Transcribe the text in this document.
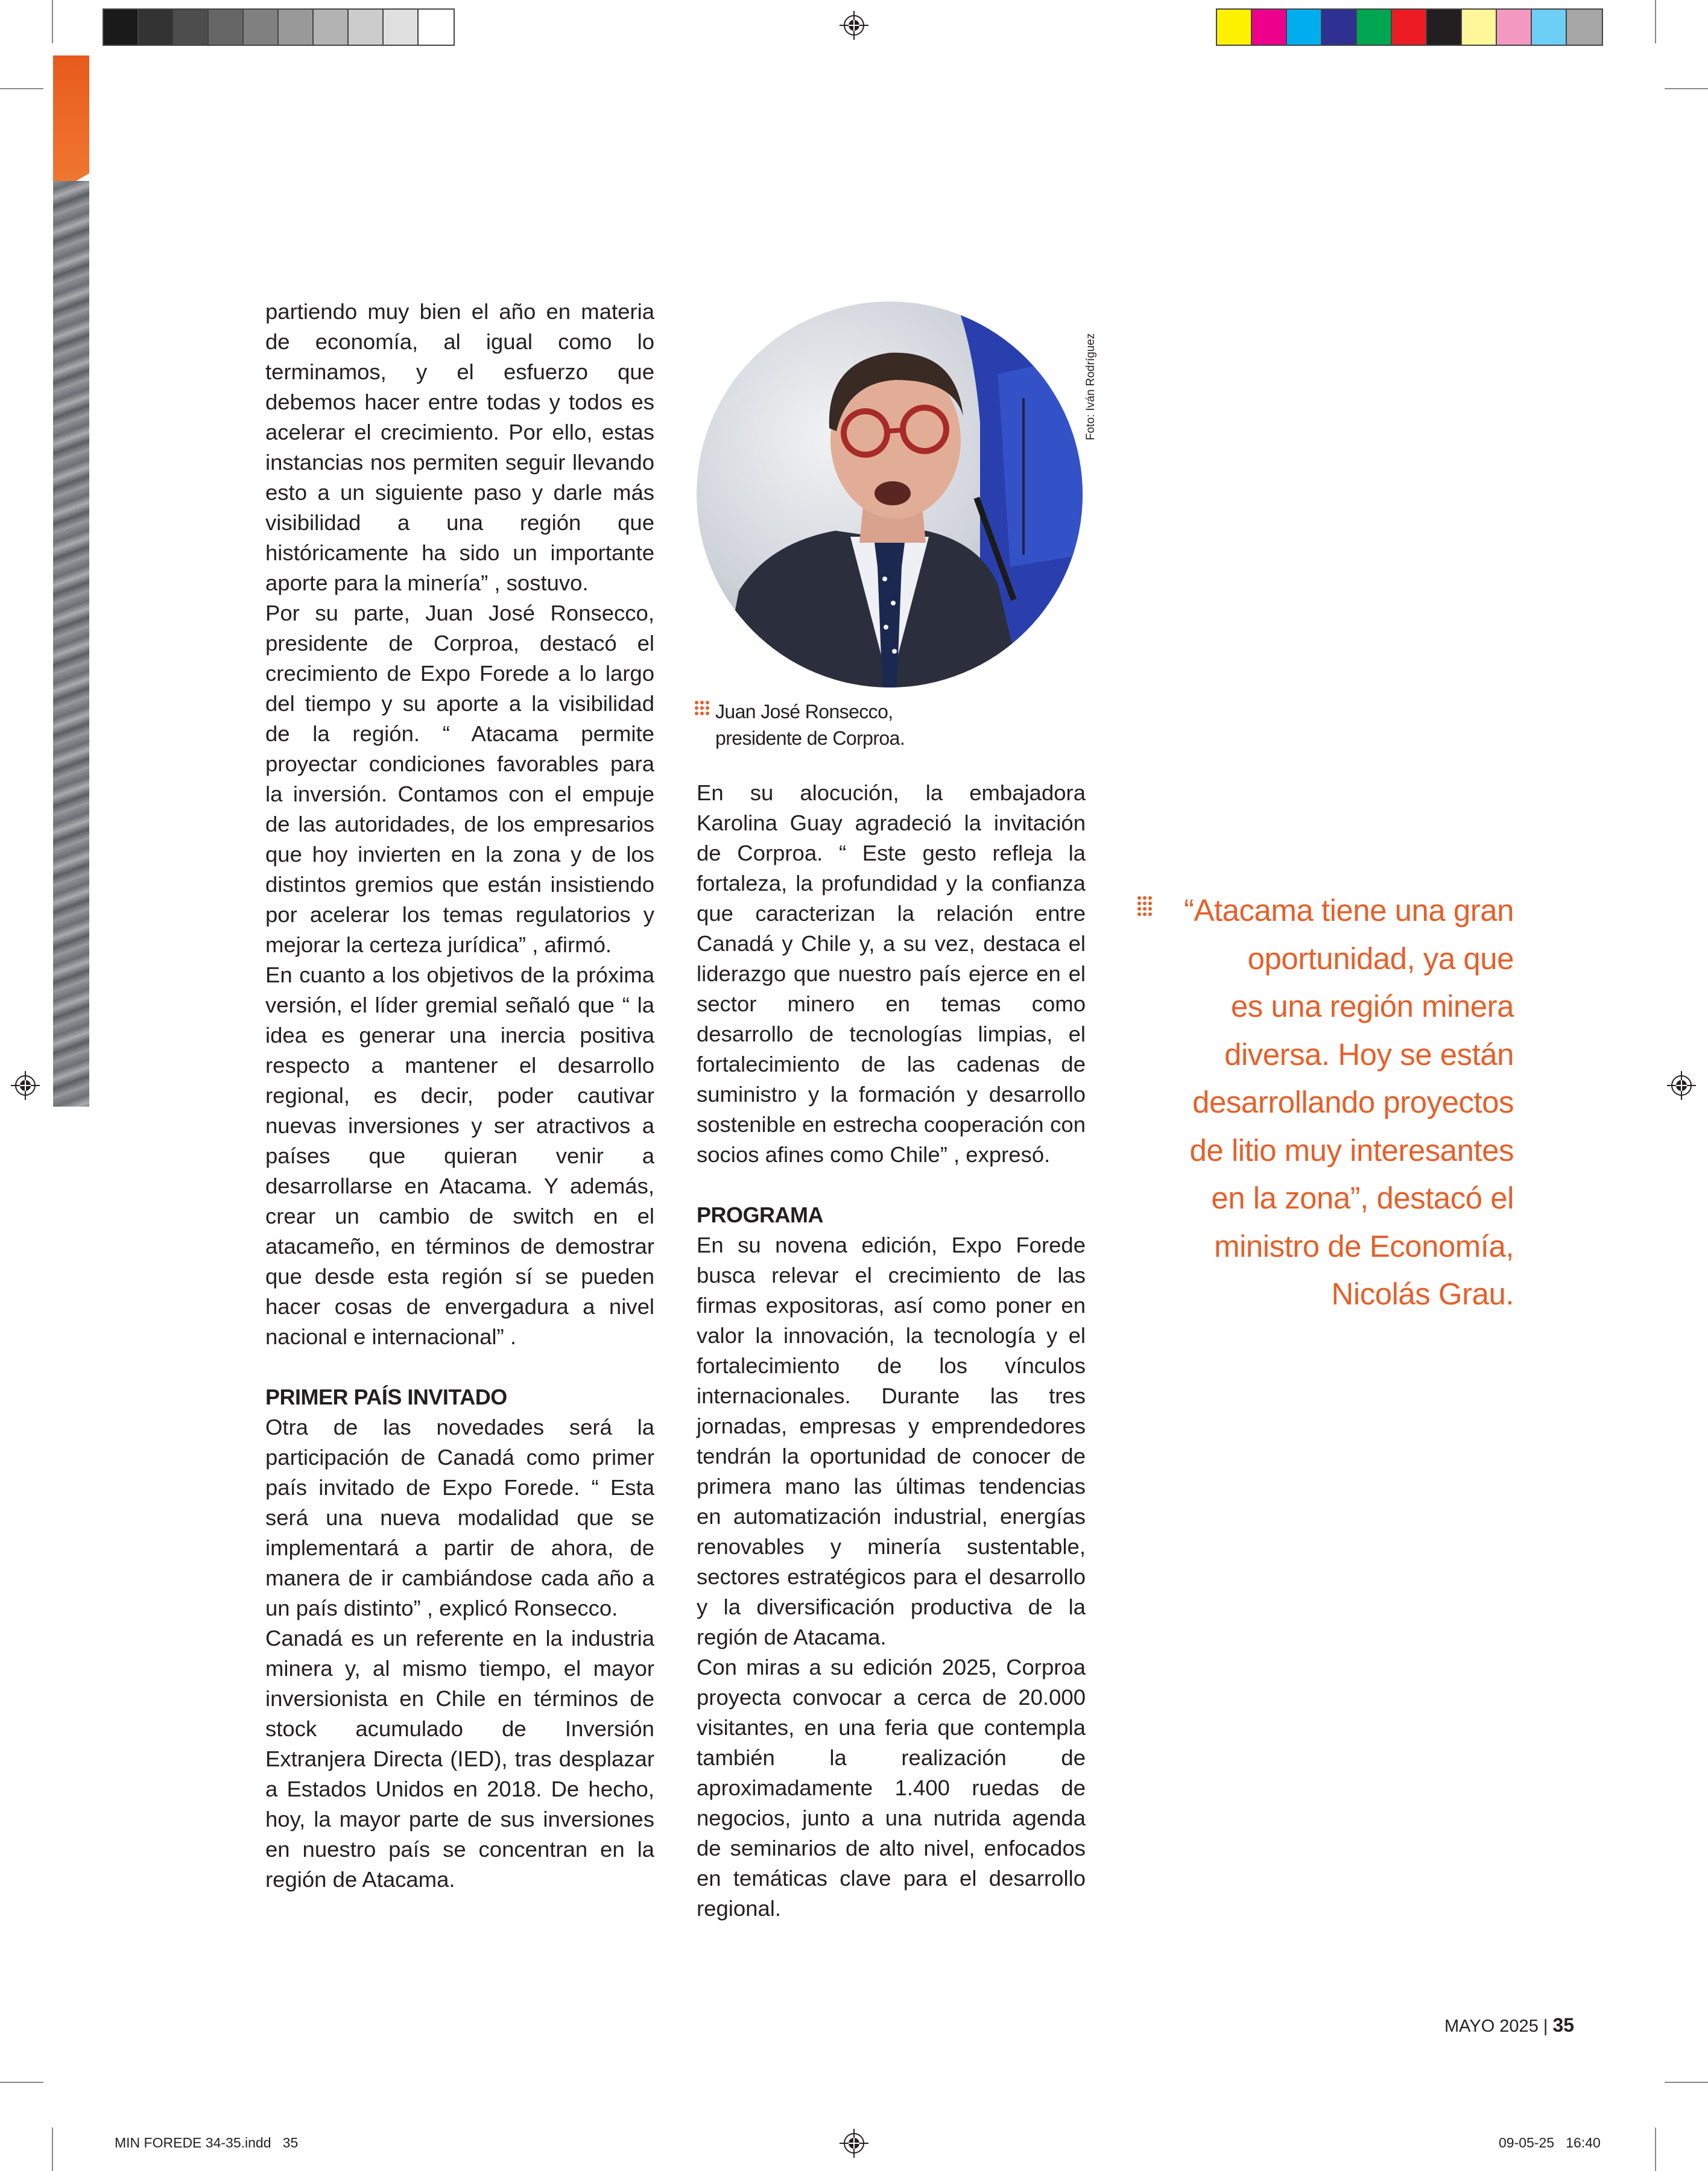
partiendo muy bien el año en materia de economía, al igual como lo terminamos, y el esfuerzo que debemos hacer entre todas y todos es acelerar el crecimiento. Por ello, estas instancias nos permiten seguir llevando esto a un siguiente paso y darle más visibilidad a una región que históricamente ha sido un importante aporte para la minería” , sostuvo.

Por su parte, Juan José Ronsecco, presidente de Corproa, destacó el crecimiento de Expo Forede a lo largo del tiempo y su aporte a la visibilidad de la región. “ Atacama permite proyectar condiciones favorables para la inversión. Contamos con el empuje de las autoridades, de los empresarios que hoy invierten en la zona y de los distintos gremios que están insistiendo por acelerar los temas regulatorios y mejorar la certeza jurídica” , afirmó.

En cuanto a los objetivos de la próxima versión, el líder gremial señaló que “ la idea es generar una inercia positiva respecto a mantener el desarrollo regional, es decir, poder cautivar nuevas inversiones y ser atractivos a países que quieran venir a desarrollarse en Atacama. Y además, crear un cambio de switch en el atacameño, en términos de demostrar que desde esta región sí se pueden hacer cosas de envergadura a nivel nacional e internacional” .

PRIMER PAÍS INVITADO

Otra de las novedades será la participación de Canadá como primer país invitado de Expo Forede. “ Esta será una nueva modalidad que se implementará a partir de ahora, de manera de ir cambiándose cada año a un país distinto” , explicó Ronsecco.

Canadá es un referente en la industria minera y, al mismo tiempo, el mayor inversionista en Chile en términos de stock acumulado de Inversión Extranjera Directa (IED), tras desplazar a Estados Unidos en 2018. De hecho, hoy, la mayor parte de sus inversiones en nuestro país se concentran en la región de Atacama.

Foto: Iván Rodríguez
Juan José Ronsecco,
presidente de Corproa.

En su alocución, la embajadora Karolina Guay agradeció la invitación de Corproa. “ Este gesto refleja la fortaleza, la profundidad y la confianza que caracterizan la relación entre Canadá y Chile y, a su vez, destaca el liderazgo que nuestro país ejerce en el sector minero en temas como desarrollo de tecnologías limpias, el fortalecimiento de las cadenas de suministro y la formación y desarrollo sostenible en estrecha cooperación con socios afines como Chile” , expresó.

PROGRAMA

En su novena edición, Expo Forede busca relevar el crecimiento de las firmas expositoras, así como poner en valor la innovación, la tecnología y el fortalecimiento de los vínculos internacionales. Durante las tres jornadas, empresas y emprendedores tendrán la oportunidad de conocer de primera mano las últimas tendencias en automatización industrial, energías renovables y minería sustentable, sectores estratégicos para el desarrollo y la diversificación productiva de la región de Atacama.

Con miras a su edición 2025, Corproa proyecta convocar a cerca de 20.000 visitantes, en una feria que contempla también la realización de aproximadamente 1.400 ruedas de negocios, junto a una nutrida agenda de seminarios de alto nivel, enfocados en temáticas clave para el desarrollo regional.

“Atacama tiene una gran
oportunidad, ya que
es una región minera
diversa. Hoy se están
desarrollando proyectos
de litio muy interesantes
en la zona”, destacó el
ministro de Economía,
Nicolás Grau.
MAYO 2025 | 35
MIN FOREDE 34-35.indd   35	09-05-25   16:40
